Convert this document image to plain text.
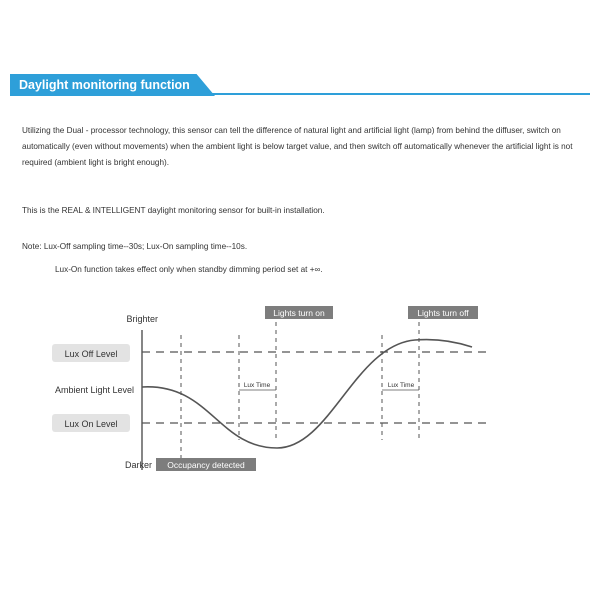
Daylight monitoring function

Utilizing the Dual - processor technology, this sensor can tell the difference of natural light and artificial light (lamp) from behind the diffuser, switch on automatically (even without movements) when the ambient light is below target value, and then switch off automatically whenever the artificial light is not required (ambient light is bright enough).

This is the REAL & INTELLIGENT daylight monitoring sensor for built-in installation.

Note: Lux-Off sampling time--30s; Lux-On sampling time--10s.

Lux-On function takes effect only when standby dimming period set at +∞.

Lux Time	Lux Time
Brighter
Lux Off Level
Ambient Light Level
Lux On Level
Darker
Lights turn on	Lights turn off
Occupancy detected
